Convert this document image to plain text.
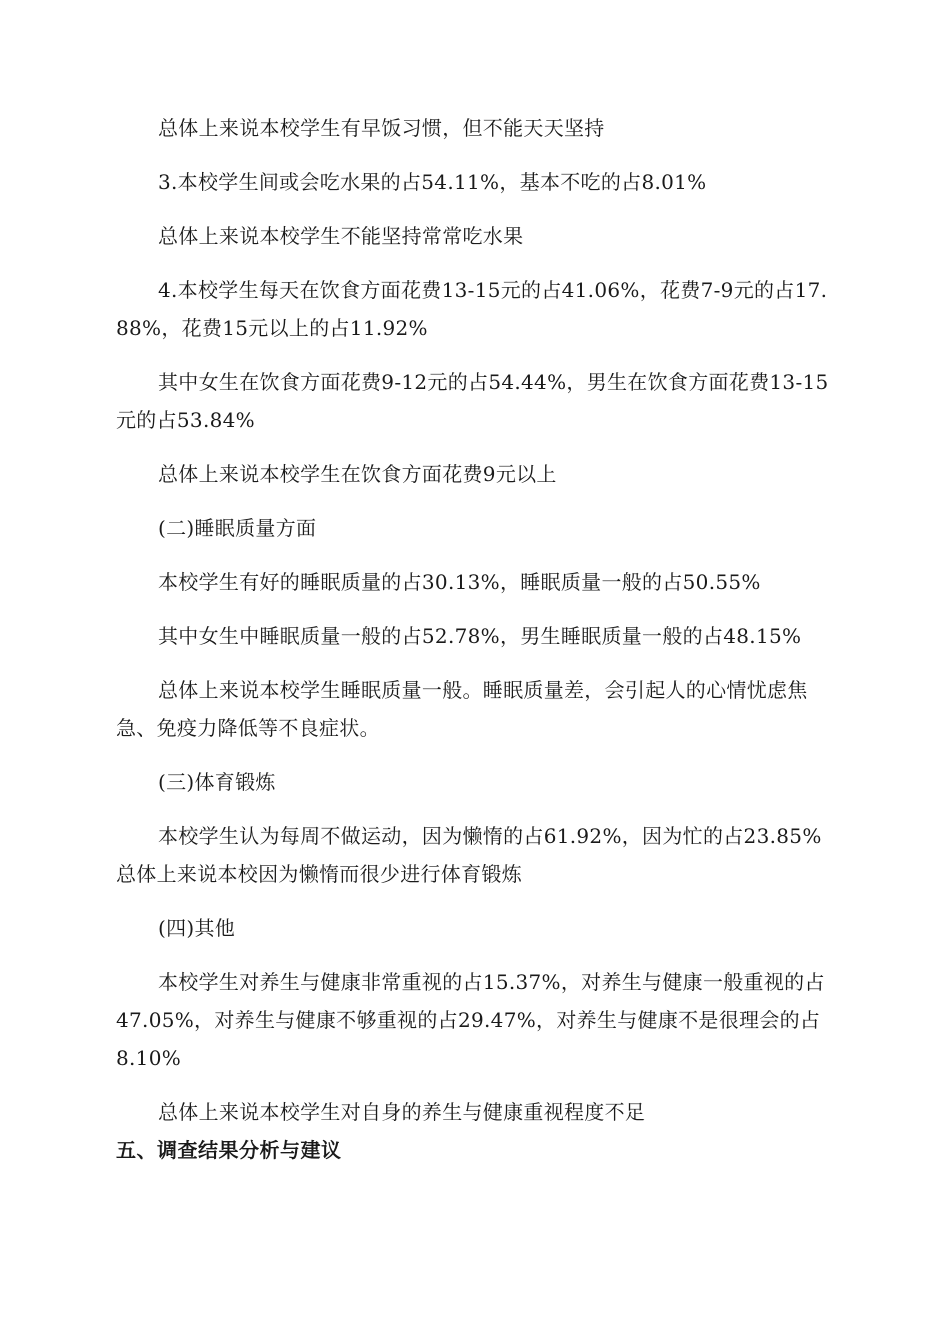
总体上来说本校学生有早饭习惯，但不能天天坚持

3.本校学生间或会吃水果的占54.11%，基本不吃的占8.01%

总体上来说本校学生不能坚持常常吃水果

4.本校学生每天在饮食方面花费13-15元的占41.06%，花费7-9元的占17.88%，花费15元以上的占11.92%

其中女生在饮食方面花费9-12元的占54.44%，男生在饮食方面花费13-15元的占53.84%

总体上来说本校学生在饮食方面花费9元以上

(二)睡眠质量方面

本校学生有好的睡眠质量的占30.13%，睡眠质量一般的占50.55%

其中女生中睡眠质量一般的占52.78%，男生睡眠质量一般的占48.15%

总体上来说本校学生睡眠质量一般。睡眠质量差，会引起人的心情忧虑焦急、免疫力降低等不良症状。

(三)体育锻炼

本校学生认为每周不做运动，因为懒惰的占61.92%，因为忙的占23.85%总体上来说本校因为懒惰而很少进行体育锻炼

(四)其他

本校学生对养生与健康非常重视的占15.37%，对养生与健康一般重视的占47.05%，对养生与健康不够重视的占29.47%，对养生与健康不是很理会的占8.10%

总体上来说本校学生对自身的养生与健康重视程度不足

五、调查结果分析与建议
